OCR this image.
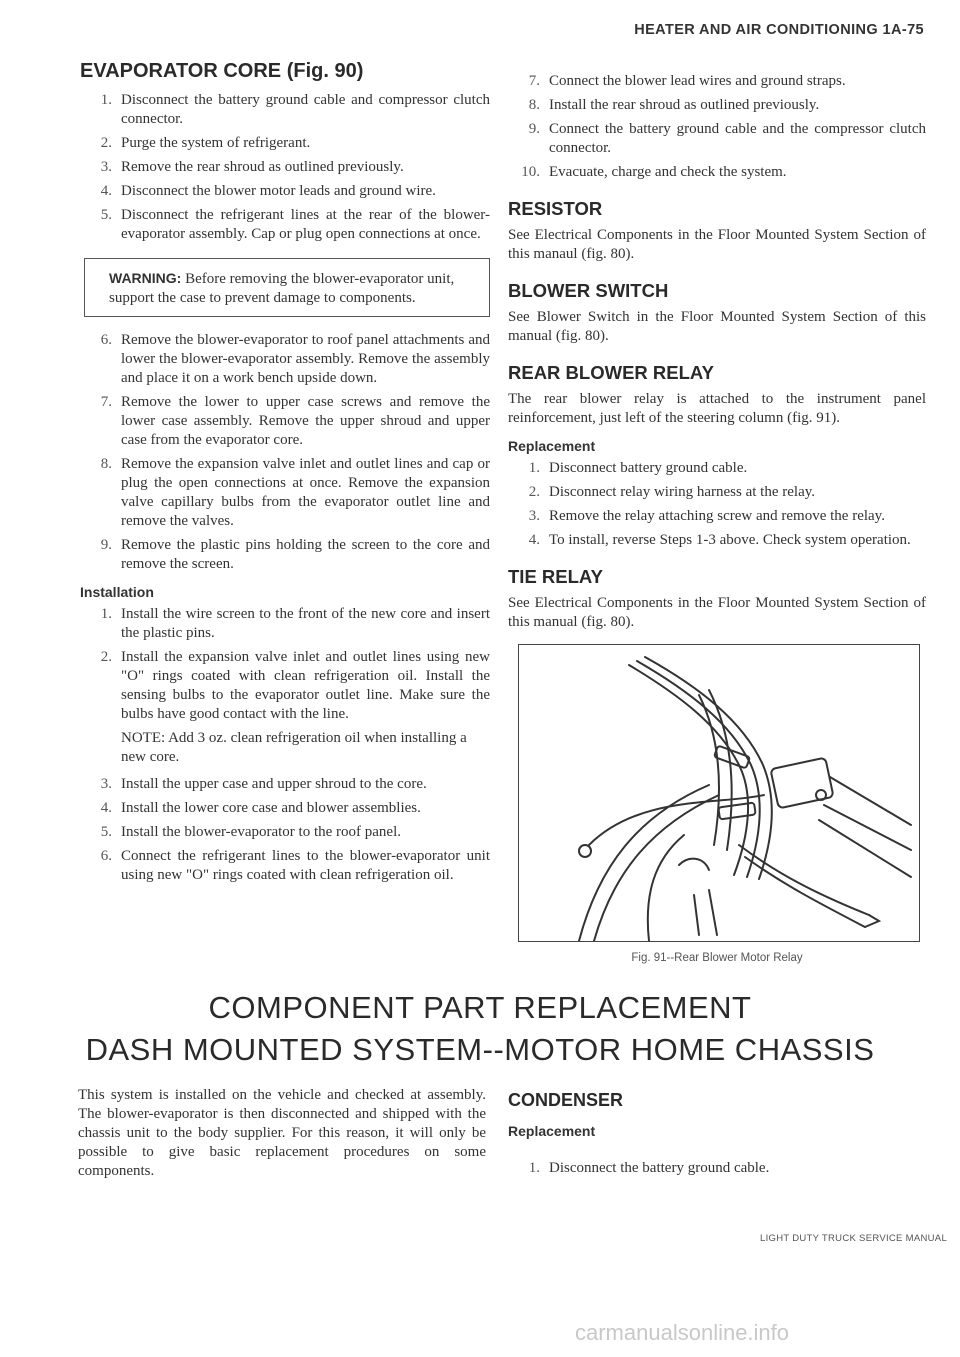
HEATER AND AIR CONDITIONING 1A-75
EVAPORATOR CORE (Fig. 90)
1. Disconnect the battery ground cable and compressor clutch connector.
2. Purge the system of refrigerant.
3. Remove the rear shroud as outlined previously.
4. Disconnect the blower motor leads and ground wire.
5. Disconnect the refrigerant lines at the rear of the blower-evaporator assembly. Cap or plug open connections at once.
WARNING: Before removing the blower-evaporator unit, support the case to prevent damage to components.
6. Remove the blower-evaporator to roof panel attachments and lower the blower-evaporator assembly. Remove the assembly and place it on a work bench upside down.
7. Remove the lower to upper case screws and remove the lower case assembly. Remove the upper shroud and upper case from the evaporator core.
8. Remove the expansion valve inlet and outlet lines and cap or plug the open connections at once. Remove the expansion valve capillary bulbs from the evaporator outlet line and remove the valves.
9. Remove the plastic pins holding the screen to the core and remove the screen.
Installation
1. Install the wire screen to the front of the new core and insert the plastic pins.
2. Install the expansion valve inlet and outlet lines using new "O" rings coated with clean refrigeration oil. Install the sensing bulbs to the evaporator outlet line. Make sure the bulbs have good contact with the line.
NOTE: Add 3 oz. clean refrigeration oil when installing a new core.
3. Install the upper case and upper shroud to the core.
4. Install the lower core case and blower assemblies.
5. Install the blower-evaporator to the roof panel.
6. Connect the refrigerant lines to the blower-evaporator unit using new "O" rings coated with clean refrigeration oil.
7. Connect the blower lead wires and ground straps.
8. Install the rear shroud as outlined previously.
9. Connect the battery ground cable and the compressor clutch connector.
10. Evacuate, charge and check the system.
RESISTOR

See Electrical Components in the Floor Mounted System Section of this manaul (fig. 80).

BLOWER SWITCH

See Blower Switch in the Floor Mounted System Section of this manual (fig. 80).

REAR BLOWER RELAY

The rear blower relay is attached to the instrument panel reinforcement, just left of the steering column (fig. 91).

Replacement
1. Disconnect battery ground cable.
2. Disconnect relay wiring harness at the relay.
3. Remove the relay attaching screw and remove the relay.
4. To install, reverse Steps 1-3 above. Check system operation.
TIE RELAY

See Electrical Components in the Floor Mounted System Section of this manual (fig. 80).

Fig. 91--Rear Blower Motor Relay
COMPONENT PART REPLACEMENT
DASH MOUNTED SYSTEM--MOTOR HOME CHASSIS

This system is installed on the vehicle and checked at assembly. The blower-evaporator is then disconnected and shipped with the chassis unit to the body supplier. For this reason, it will only be possible to give basic replacement procedures on some components.

CONDENSER
Replacement
1. Disconnect the battery ground cable.
LIGHT DUTY TRUCK SERVICE MANUAL
carmanualsonline.info
